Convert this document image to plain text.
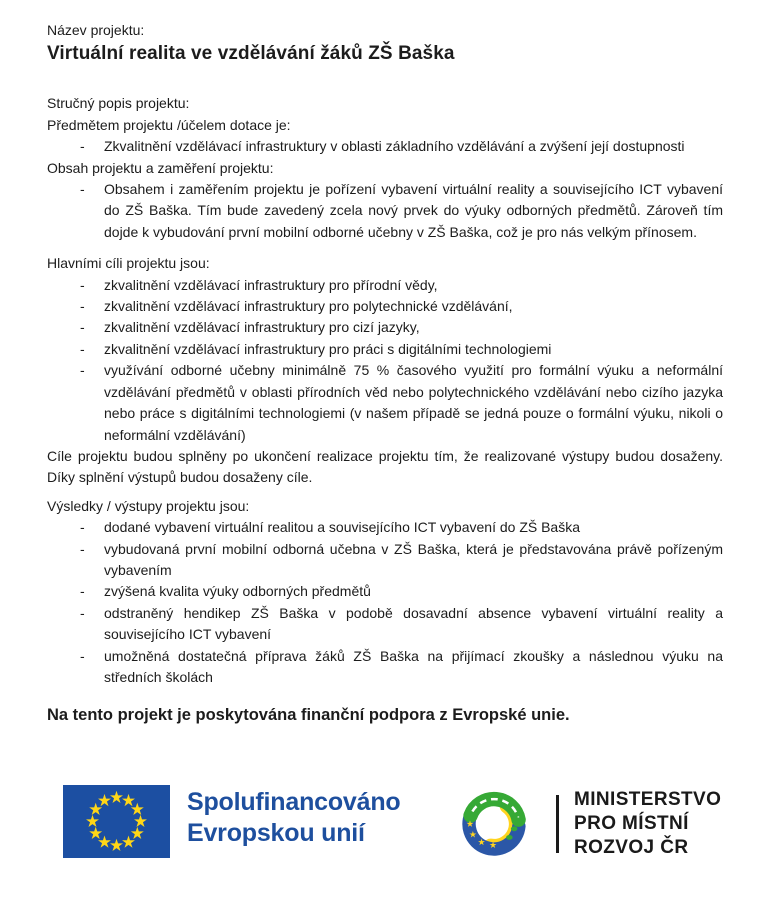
Název projektu:
Virtuální realita ve vzdělávání žáků ZŠ Baška
Stručný popis projektu:
Předmětem projektu /účelem dotace je:
-	Zkvalitnění vzdělávací infrastruktury v oblasti základního vzdělávání a zvýšení její dostupnosti
Obsah projektu a zaměření projektu:
-	Obsahem i zaměřením projektu je pořízení vybavení virtuální reality a souvisejícího ICT vybavení do ZŠ Baška. Tím bude zavedený zcela nový prvek do výuky odborných předmětů. Zároveň tím dojde k vybudování první mobilní odborné učebny v ZŠ Baška, což je pro nás velkým přínosem.
Hlavními cíli projektu jsou:
-	zkvalitnění vzdělávací infrastruktury pro přírodní vědy,
-	zkvalitnění vzdělávací infrastruktury pro polytechnické vzdělávání,
-	zkvalitnění vzdělávací infrastruktury pro cizí jazyky,
-	zkvalitnění vzdělávací infrastruktury pro práci s digitálními technologiemi
-	využívání odborné učebny minimálně 75 % časového využití pro formální výuku a neformální vzdělávání předmětů v oblasti přírodních věd nebo polytechnického vzdělávání nebo cizího jazyka nebo práce s digitálními technologiemi (v našem případě se jedná pouze o formální výuku, nikoli o neformální vzdělávání)
Cíle projektu budou splněny po ukončení realizace projektu tím, že realizované výstupy budou dosaženy. Díky splnění výstupů budou dosaženy cíle.
Výsledky / výstupy projektu jsou:
-	dodané vybavení virtuální realitou a souvisejícího ICT vybavení do ZŠ Baška
-	vybudovaná první mobilní odborná učebna v ZŠ Baška, která je představována právě pořízeným vybavením
-	zvýšená kvalita výuky odborných předmětů
-	odstraněný hendikep ZŠ Baška v podobě dosavadní absence vybavení virtuální reality a souvisejícího ICT vybavení
-	umožněná dostatečná příprava žáků ZŠ Baška na přijímací zkoušky a následnou výuku na středních školách
Na tento projekt je poskytována finanční podpora z Evropské unie.
Spolufinancováno
Evropskou unií
MINISTERSTVO
PRO MÍSTNÍ
ROZVOJ ČR
